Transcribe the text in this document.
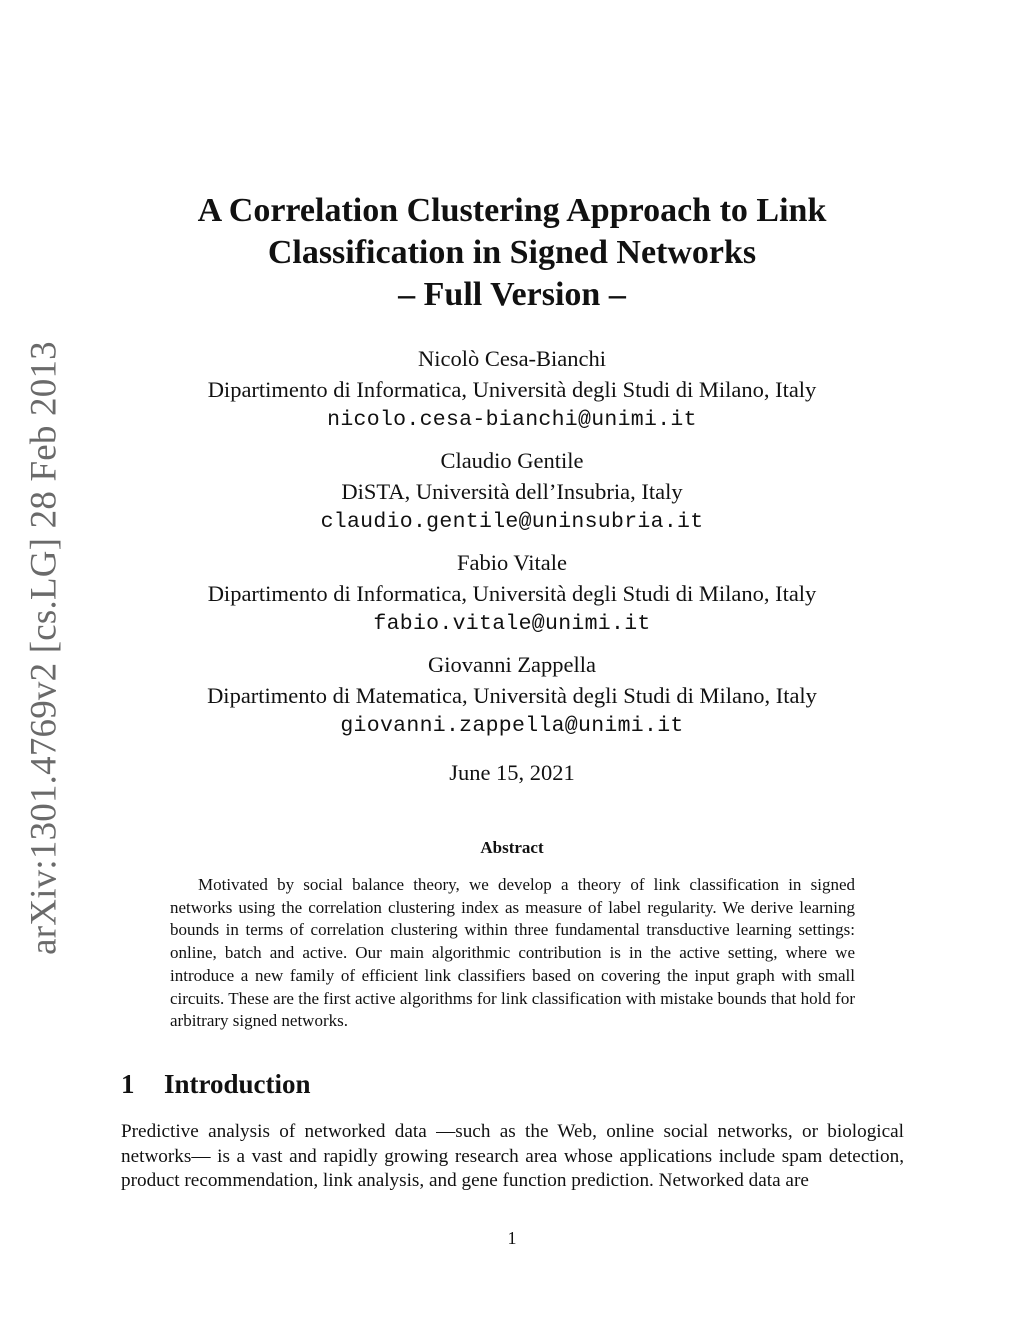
arXiv:1301.4769v2 [cs.LG] 28 Feb 2013
A Correlation Clustering Approach to Link
Classification in Signed Networks
– Full Version –
Nicolò Cesa-Bianchi
Dipartimento di Informatica, Università degli Studi di Milano, Italy
nicolo.cesa-bianchi@unimi.it
Claudio Gentile
DiSTA, Università dell’Insubria, Italy
claudio.gentile@uninsubria.it
Fabio Vitale
Dipartimento di Informatica, Università degli Studi di Milano, Italy
fabio.vitale@unimi.it
Giovanni Zappella
Dipartimento di Matematica, Università degli Studi di Milano, Italy
giovanni.zappella@unimi.it
June 15, 2021
Abstract
Motivated by social balance theory, we develop a theory of link classification in signed networks using the correlation clustering index as measure of label regularity. We derive learning bounds in terms of correlation clustering within three fundamental transductive learning settings: online, batch and active. Our main algorithmic contribution is in the active setting, where we introduce a new family of efficient link classifiers based on covering the input graph with small circuits. These are the first active algorithms for link classification with mistake bounds that hold for arbitrary signed networks.
1 Introduction
Predictive analysis of networked data —such as the Web, online social networks, or biological networks— is a vast and rapidly growing research area whose applications include spam detection, product recommendation, link analysis, and gene function prediction. Networked data are
1
